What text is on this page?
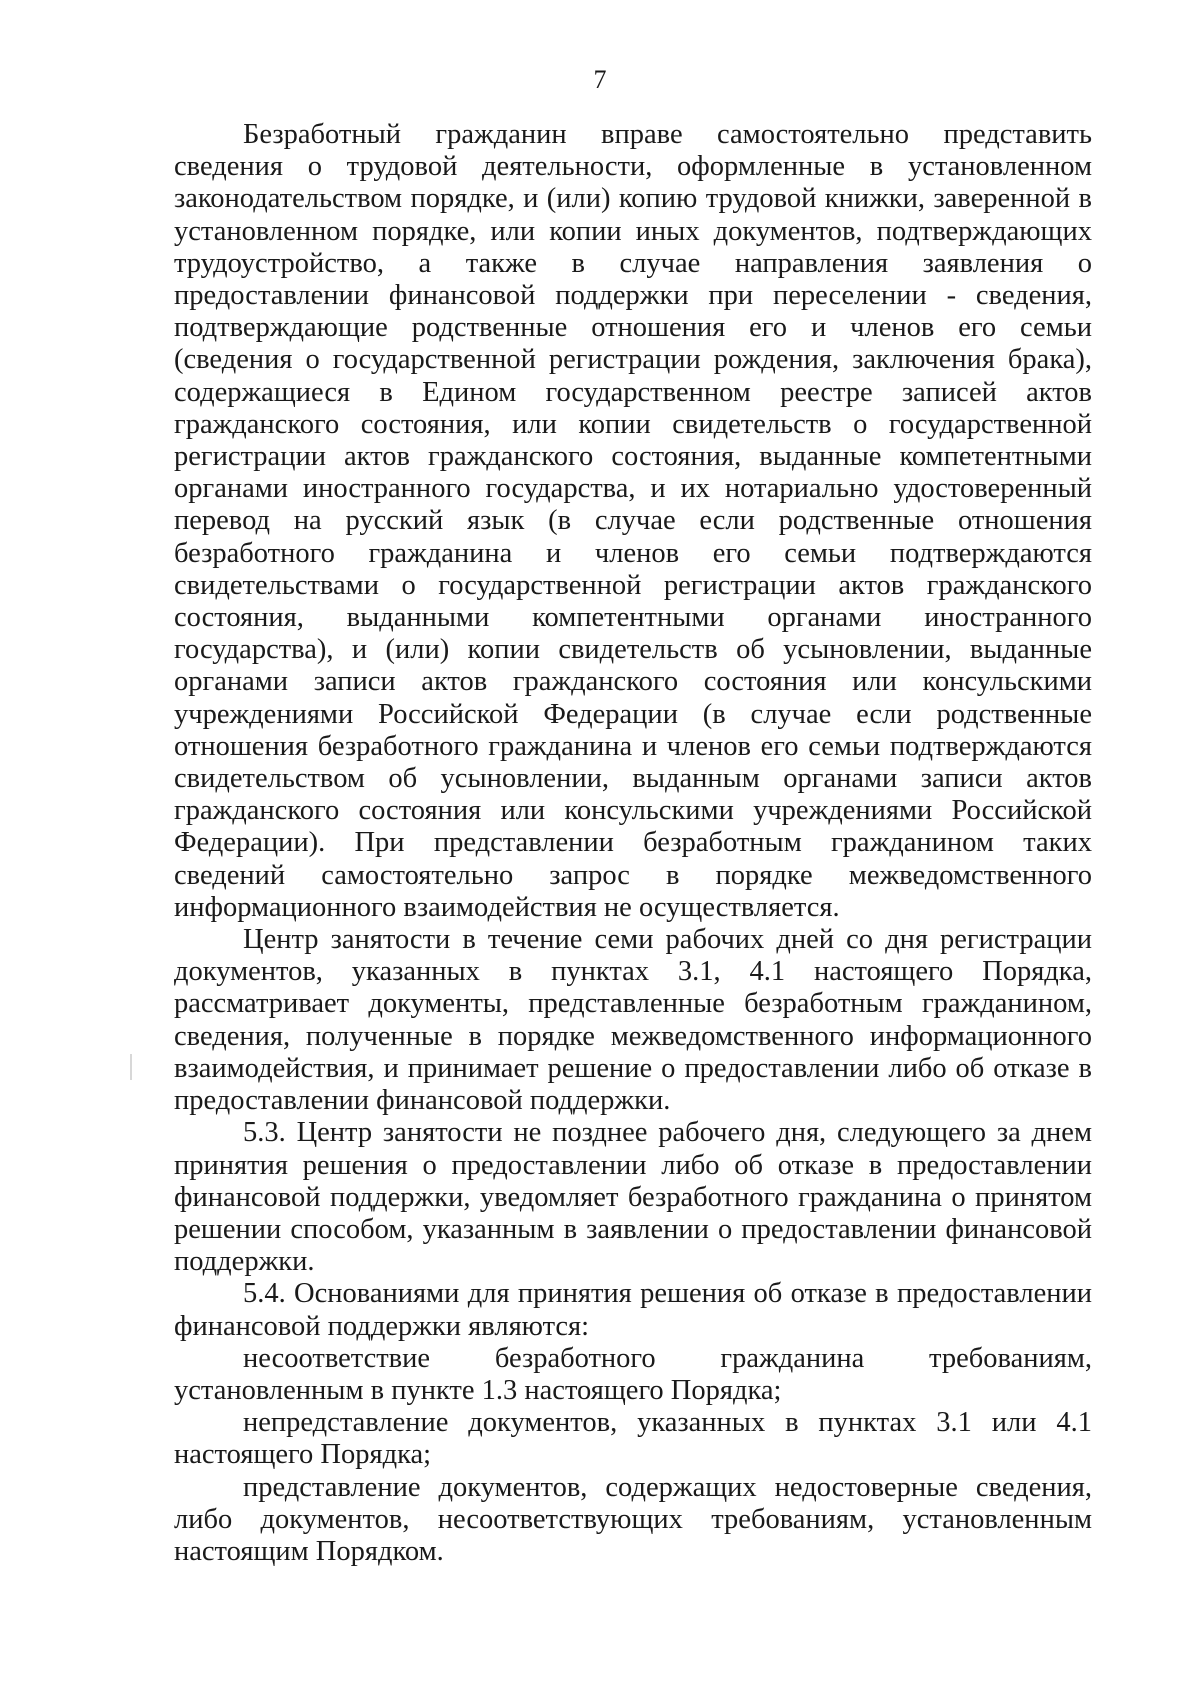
7

Безработный гражданин вправе самостоятельно представить сведения о трудовой деятельности, оформленные в установленном законодательством порядке, и (или) копию трудовой книжки, заверенной в установленном порядке, или копии иных документов, подтверждающих трудоустройство, а также в случае направления заявления о предоставлении финансовой поддержки при переселении - сведения, подтверждающие родственные отношения его и членов его семьи (сведения о государственной регистрации рождения, заключения брака), содержащиеся в Едином государственном реестре записей актов гражданского состояния, или копии свидетельств о государственной регистрации актов гражданского состояния, выданные компетентными органами иностранного государства, и их нотариально удостоверенный перевод на русский язык (в случае если родственные отношения безработного гражданина и членов его семьи подтверждаются свидетельствами о государственной регистрации актов гражданского состояния, выданными компетентными органами иностранного государства), и (или) копии свидетельств об усыновлении, выданные органами записи актов гражданского состояния или консульскими учреждениями Российской Федерации (в случае если родственные отношения безработного гражданина и членов его семьи подтверждаются свидетельством об усыновлении, выданным органами записи актов гражданского состояния или консульскими учреждениями Российской Федерации). При представлении безработным гражданином таких сведений самостоятельно запрос в порядке межведомственного информационного взаимодействия не осуществляется.

Центр занятости в течение семи рабочих дней со дня регистрации документов, указанных в пунктах 3.1, 4.1 настоящего Порядка, рассматривает документы, представленные безработным гражданином, сведения, полученные в порядке межведомственного информационного взаимодействия, и принимает решение о предоставлении либо об отказе в предоставлении финансовой поддержки.

5.3. Центр занятости не позднее рабочего дня, следующего за днем принятия решения о предоставлении либо об отказе в предоставлении финансовой поддержки, уведомляет безработного гражданина о принятом решении способом, указанным в заявлении о предоставлении финансовой поддержки.

5.4. Основаниями для принятия решения об отказе в предоставлении финансовой поддержки являются:

несоответствие безработного гражданина требованиям, установленным в пункте 1.3 настоящего Порядка;

непредставление документов, указанных в пунктах 3.1 или 4.1 настоящего Порядка;

представление документов, содержащих недостоверные сведения, либо документов, несоответствующих требованиям, установленным настоящим Порядком.
